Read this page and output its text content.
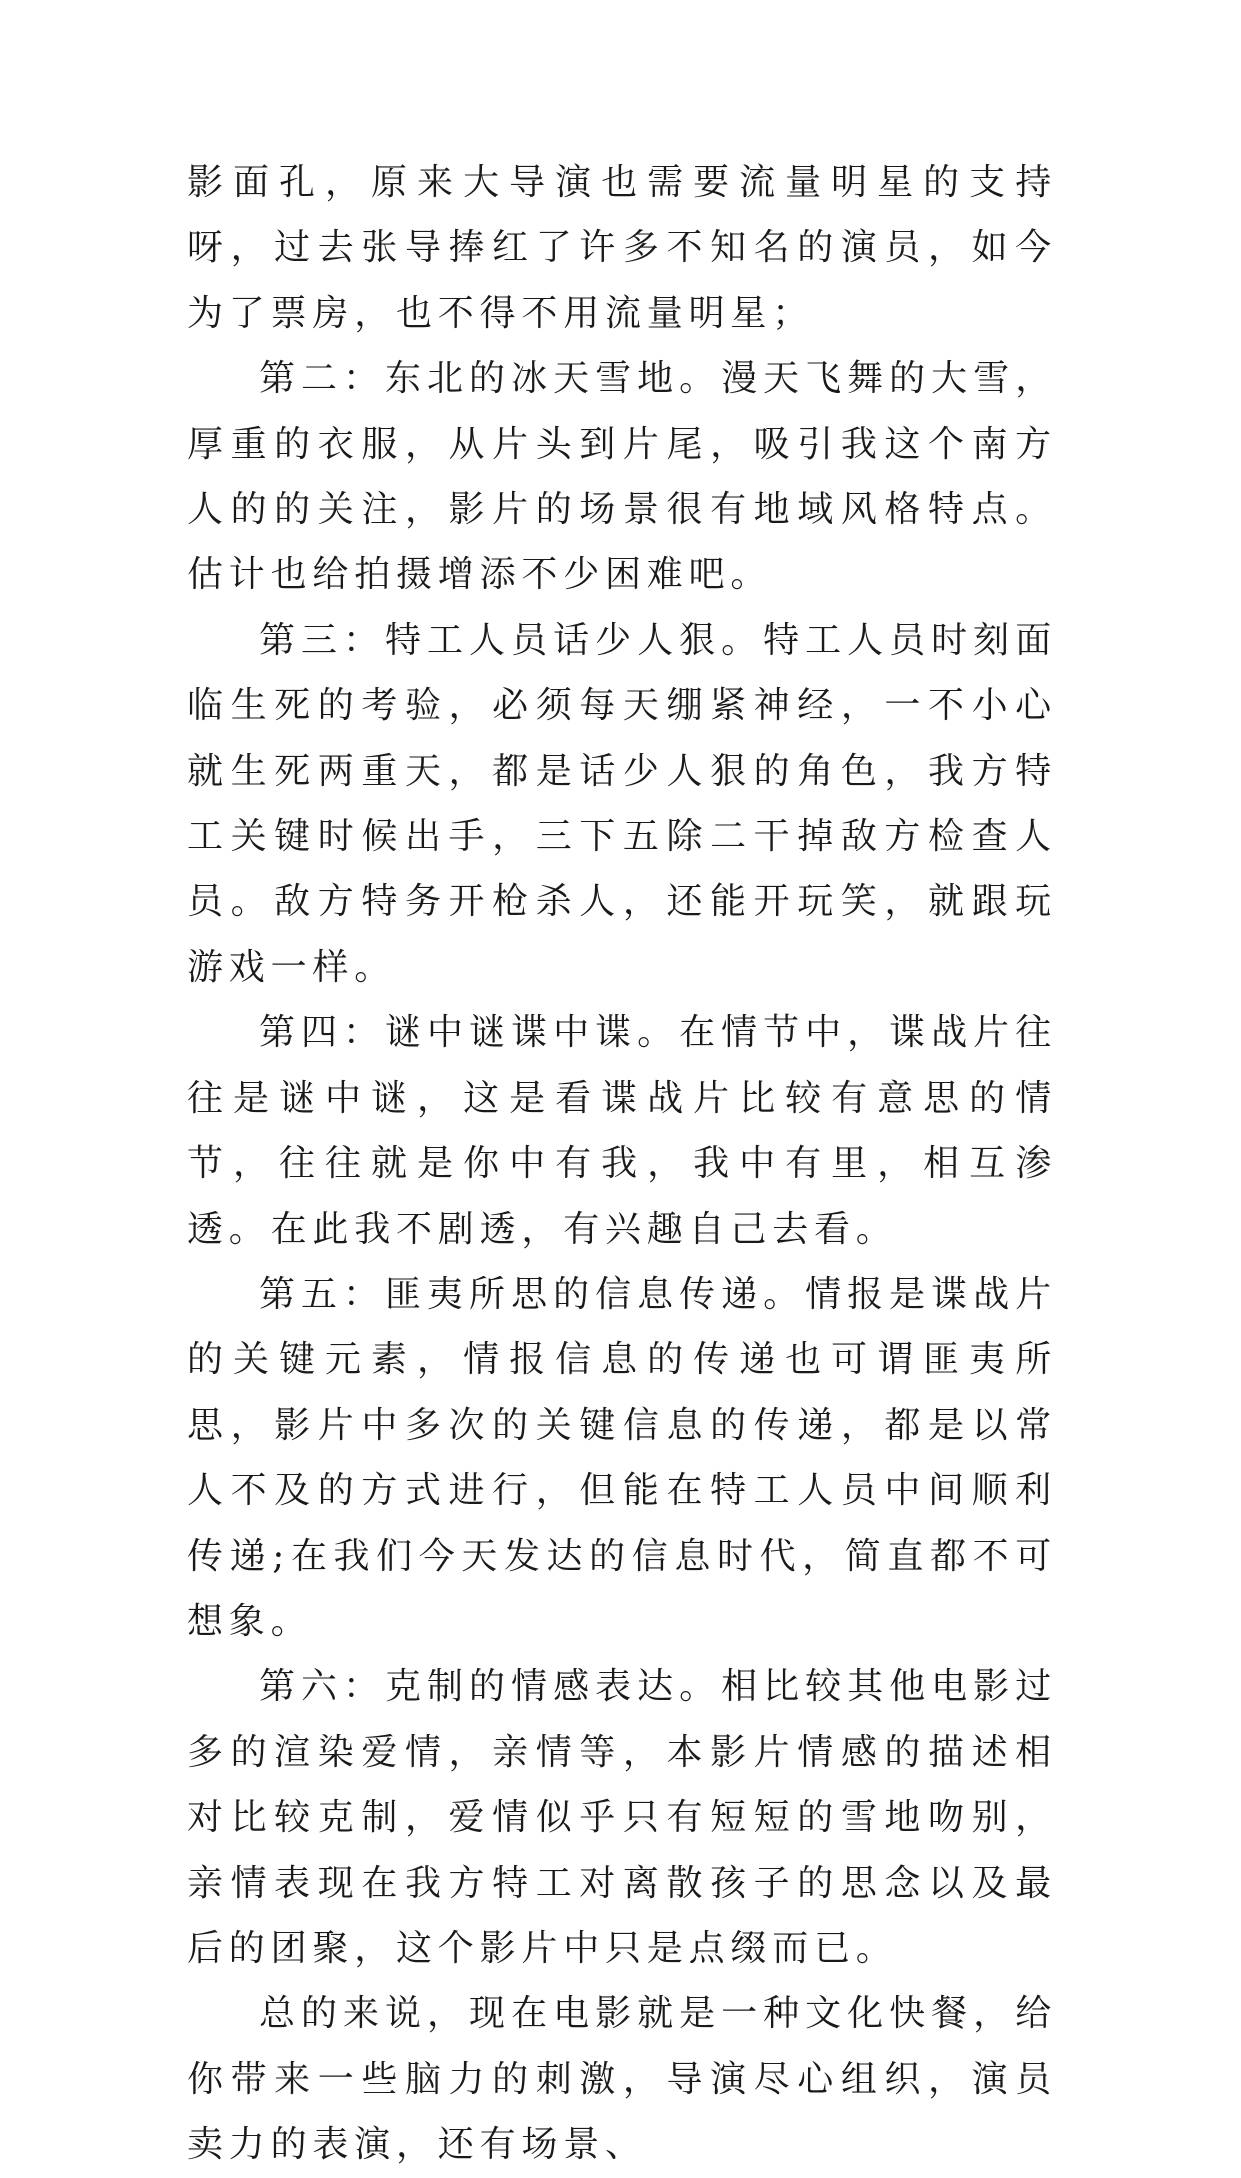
影面孔，原来大导演也需要流量明星的支持呀，过去张导捧红了许多不知名的演员，如今为了票房，也不得不用流量明星；

第二：东北的冰天雪地。漫天飞舞的大雪，厚重的衣服，从片头到片尾，吸引我这个南方人的的关注，影片的场景很有地域风格特点。估计也给拍摄增添不少困难吧。

第三：特工人员话少人狠。特工人员时刻面临生死的考验，必须每天绷紧神经，一不小心就生死两重天，都是话少人狠的角色，我方特工关键时候出手，三下五除二干掉敌方检查人员。敌方特务开枪杀人，还能开玩笑，就跟玩游戏一样。

第四：谜中谜谍中谍。在情节中，谍战片往往是谜中谜，这是看谍战片比较有意思的情节，往往就是你中有我，我中有里，相互渗透。在此我不剧透，有兴趣自己去看。

第五：匪夷所思的信息传递。情报是谍战片的关键元素，情报信息的传递也可谓匪夷所思，影片中多次的关键信息的传递，都是以常人不及的方式进行，但能在特工人员中间顺利传递;在我们今天发达的信息时代，简直都不可想象。

第六：克制的情感表达。相比较其他电影过多的渲染爱情，亲情等，本影片情感的描述相对比较克制，爱情似乎只有短短的雪地吻别，亲情表现在我方特工对离散孩子的思念以及最后的团聚，这个影片中只是点缀而已。

总的来说，现在电影就是一种文化快餐，给你带来一些脑力的刺激，导演尽心组织，演员卖力的表演，还有场景、
